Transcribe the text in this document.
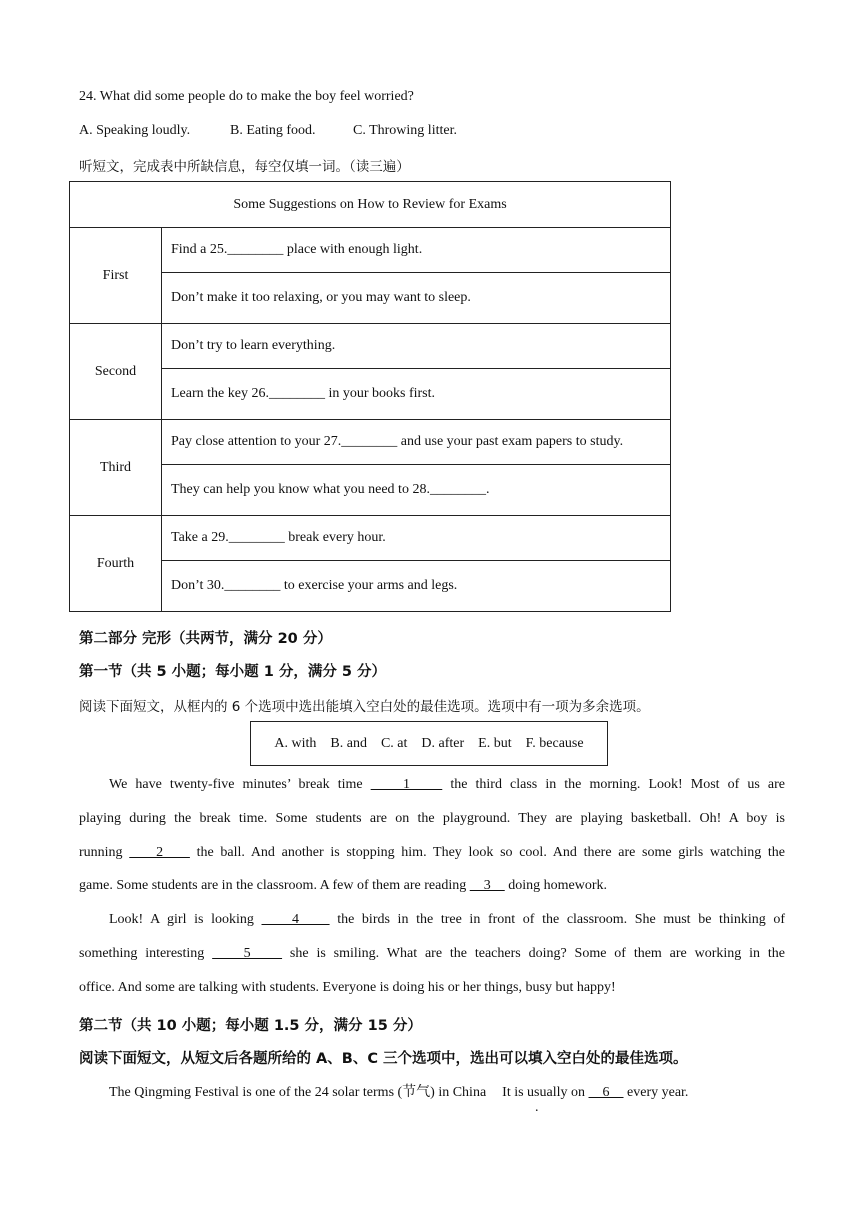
24. What did some people do to make the boy feel worried?
A. Speaking loudly.	B. Eating food.	C. Throwing litter.
听短文，完成表中所缺信息，每空仅填一词。（读三遍）
Some Suggestions on How to Review for Exams	
First	Find a 25.________ place with enough light.
	Don’t make it too relaxing, or you may want to sleep.
Second	Don’t try to learn everything.
	Learn the key 26.________ in your books first.
Third	Pay close attention to your 27.________ and use your past exam papers to study.
	They can help you know what you need to 28.________.
Fourth	Take a 29.________ break every hour.
	Don’t 30.________ to exercise your arms and legs.
第二部分 完形（共两节，满分 20 分）
第一节（共 5 小题；每小题 1 分，满分 5 分）
阅读下面短文，从框内的 6 个选项中选出能填入空白处的最佳选项。选项中有一项为多余选项。
A. with B. and C. at D. after E. but F. because
We have twenty-five minutes’ break time     1     the third class in the morning. Look! Most of us are
playing during the break time. Some students are on the playground. They are playing basketball. Oh! A boy is
running     2     the ball. And another is stopping him. They look so cool. And there are some girls watching the
game. Some students are in the classroom. A few of them are reading     3     doing homework.
Look! A girl is looking     4     the birds in the tree in front of the classroom. She must be thinking of
something interesting     5     she is smiling. What are the teachers doing? Some of them are working in the
office. And some are talking with students. Everyone is doing his or her things, busy but happy!
第二节（共 10 小题；每小题 1.5 分，满分 15 分）
阅读下面短文，从短文后各题所给的 A、B、C 三个选项中，选出可以填入空白处的最佳选项。
The Qingming Festival is one of the 24 solar terms (节气) in China It is usually on     6     every year.
.
